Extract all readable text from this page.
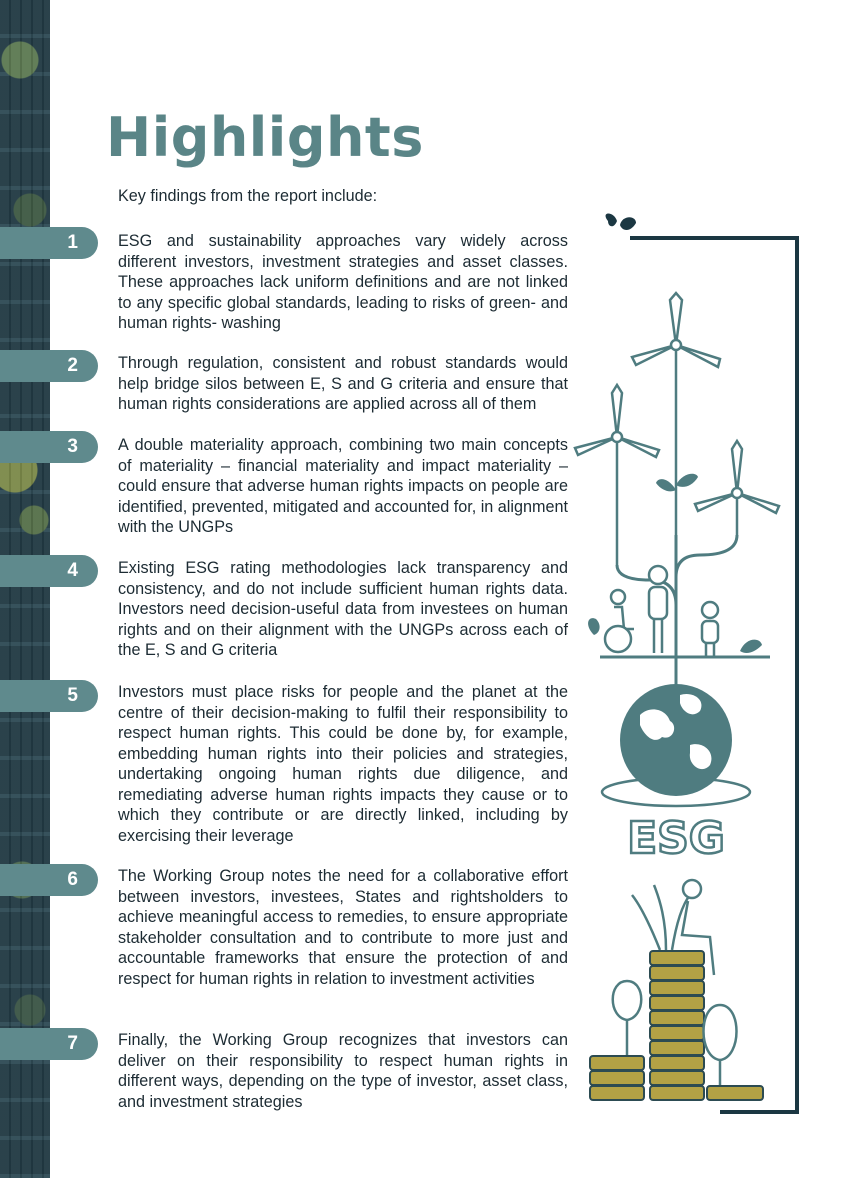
Highlights

Key findings from the report include:

1	ESG and sustainability approaches vary widely across different investors, investment strategies and asset classes. These approaches lack uniform definitions and are not linked to any specific global standards, leading to risks of green- and human rights- washing

2	Through regulation, consistent and robust standards would help bridge silos between E, S and G criteria and ensure that human rights considerations are applied across all of them

3	A double materiality approach, combining two main concepts of materiality – financial materiality and impact materiality – could ensure that adverse human rights impacts on people are identified, prevented, mitigated and accounted for, in alignment with the UNGPs

4	Existing ESG rating methodologies lack transparency and consistency, and do not include sufficient human rights data. Investors need decision-useful data from investees on human rights and on their alignment with the UNGPs across each of the E, S and G criteria

5	Investors must place risks for people and the planet at the centre of their decision-making to fulfil their responsibility to respect human rights. This could be done by, for example, embedding human rights into their policies and strategies, undertaking ongoing human rights due diligence, and remediating adverse human rights impacts they cause or to which they contribute or are directly linked, including by exercising their leverage

6	The Working Group notes the need for a collaborative effort between investors, investees, States and rightsholders to achieve meaningful access to remedies, to ensure appropriate stakeholder consultation and to contribute to more just and accountable frameworks that ensure the protection of and respect for human rights in relation to investment activities

7	Finally, the Working Group recognizes that investors can deliver on their responsibility to respect human rights in different ways, depending on the type of investor, asset class, and investment strategies

ESG
